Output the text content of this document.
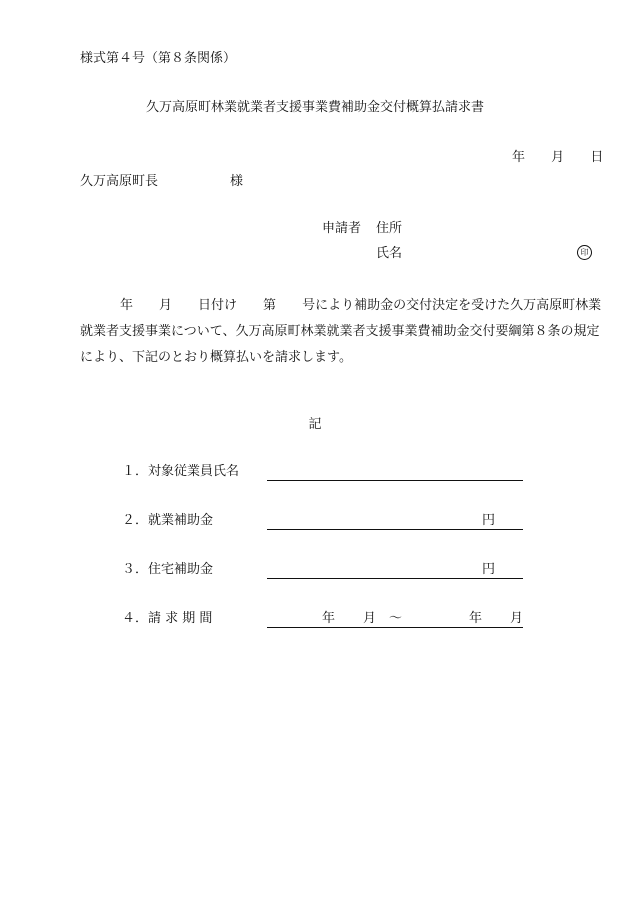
様式第４号（第８条関係）
久万高原町林業就業者支援事業費補助金交付概算払請求書
年 月 日
久万高原町長	様
申請者 住所
氏名	印
年 月 日付け 第 号により補助金の交付決定を受けた久万高原町林業就業者支援事業について、久万高原町林業就業者支援事業費補助金交付要綱第８条の規定により、下記のとおり概算払いを請求します。
記
１．対象従業員氏名
２．就業補助金	円
３．住宅補助金	円
４．請 求 期 間	年 月 ～	年 月
